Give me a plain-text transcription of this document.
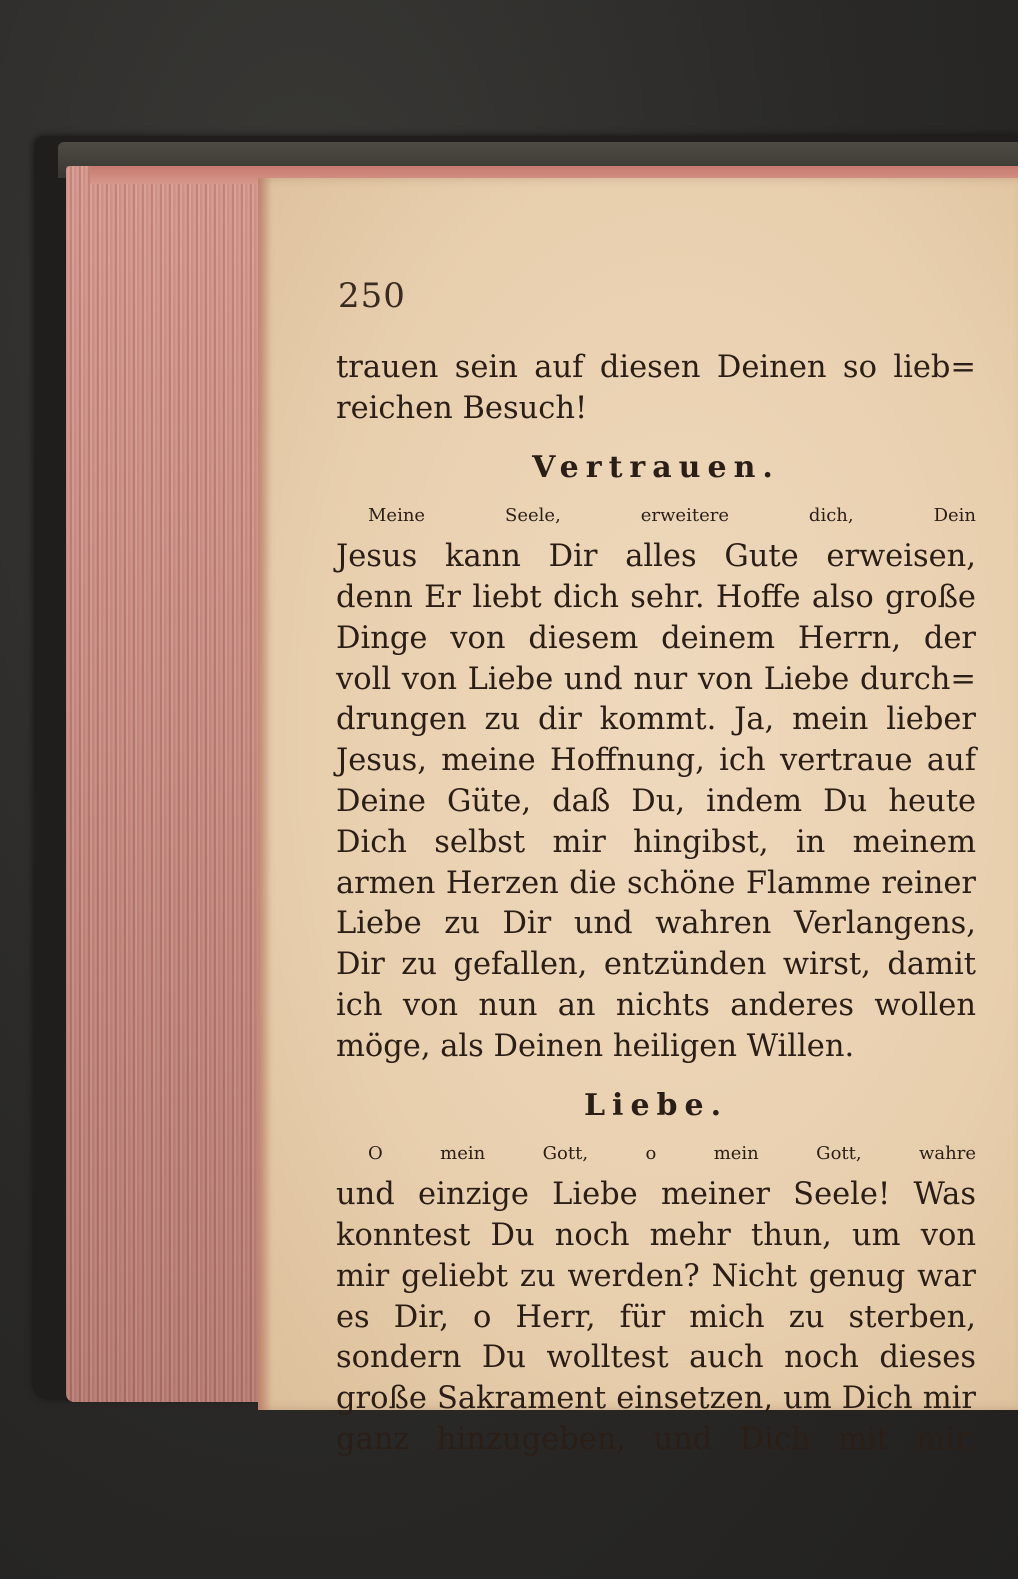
250
trauen sein auf diesen Deinen so lieb=
reichen Besuch!
Vertrauen.
Meine Seele, erweitere dich, Dein
Jesus kann Dir alles Gute erweisen,
denn Er liebt dich sehr. Hoffe also große
Dinge von diesem deinem Herrn, der
voll von Liebe und nur von Liebe durch=
drungen zu dir kommt. Ja, mein lieber
Jesus, meine Hoffnung, ich vertraue auf
Deine Güte, daß Du, indem Du heute
Dich selbst mir hingibst, in meinem
armen Herzen die schöne Flamme reiner
Liebe zu Dir und wahren Verlangens,
Dir zu gefallen, entzünden wirst, damit
ich von nun an nichts anderes wollen
möge, als Deinen heiligen Willen.
Liebe.
O mein Gott, o mein Gott, wahre
und einzige Liebe meiner Seele! Was
konntest Du noch mehr thun, um von
mir geliebt zu werden? Nicht genug war
es Dir, o Herr, für mich zu sterben,
sondern Du wolltest auch noch dieses
große Sakrament einsetzen, um Dich mir
ganz hinzugeben, und Dich mit mir,
